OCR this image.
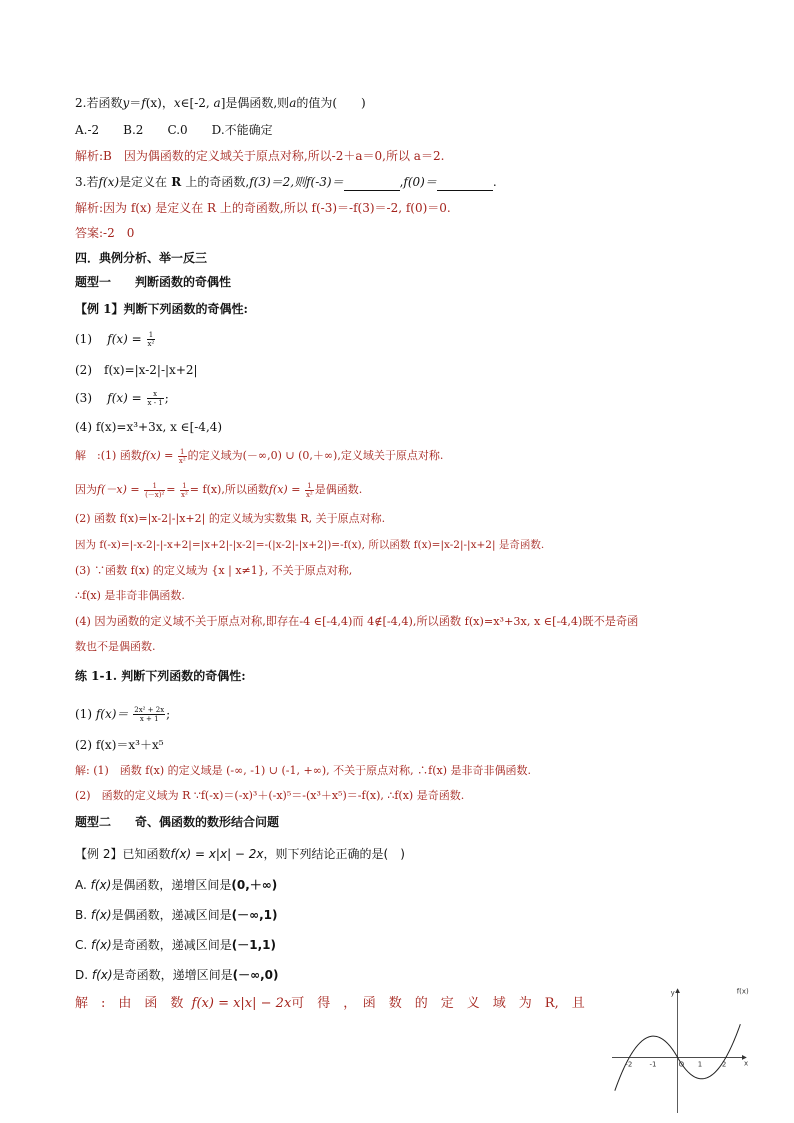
2.若函数y＝f(x)，x∈[-2, a]是偶函数,则a的值为(　　)
A.-2　　B.2　　C.0　　D.不能确定
解析:B　因为偶函数的定义域关于原点对称,所以-2＋a＝0,所以 a＝2.
3.若f(x)是定义在 R 上的奇函数,f(3)＝2,则f(-3)＝	,f(0)＝	.
解析:因为 f(x) 是定义在 R 上的奇函数,所以 f(-3)＝-f(3)＝-2, f(0)＝0.
答案:-2　0
四．典例分析、举一反三
题型一　　判断函数的奇偶性
【例 1】判断下列函数的奇偶性:
(1) $f(x) = \frac{1}{\text{x²}}$
(2)　f(x)=|x-2|-|x+2|
(3) $f(x) = \frac{x}{x - 1}$ ;
(4) f(x)=x³+3x, x ∈[-4,4)
解　:(1) 函数$f(x) = \frac{1}{\text{x²}}$ 的定义域为(－∞,0) ∪ (0,＋∞),定义域关于原点对称.
因为$f(-x) = \frac{1}{\text{(－x)²}} = \frac{1}{\text{x²}} = f(x)$,所以函数$f(x) = \frac{1}{\text{x²}}$ 是偶函数.
(2) 函数 f(x)=|x-2|-|x+2| 的定义域为实数集 R, 关于原点对称.
因为 f(-x)=|-x-2|-|-x+2|=|x+2|-|x-2|=-(|x-2|-|x+2|)=-f(x), 所以函数 f(x)=|x-2|-|x+2| 是奇函数.
(3) ∵函数 f(x) 的定义域为 {x | x≠1}, 不关于原点对称,
∴f(x) 是非奇非偶函数.
(4) 因为函数的定义域不关于原点对称,即存在-4 ∈[-4,4)而 4∉[-4,4),所以函数 f(x)=x³+3x, x ∈[-4,4)既不是奇函
数也不是偶函数.
练 1-1. 判断下列函数的奇偶性:
(1) $f(x)= \frac{\text{2x² + 2x}}{x + 1}$ ;
(2) f(x)＝x³＋x⁵
解: (1)　函数 f(x) 的定义域是 (-∞, -1) ∪ (-1, +∞), 不关于原点对称, ∴f(x) 是非奇非偶函数.
(2)　函数的定义域为 R ∵f(-x)＝(-x)³＋(-x)⁵＝-(x³＋x⁵)＝-f(x), ∴f(x) 是奇函数.
题型二　　奇、偶函数的数形结合问题
【例 2】已知函数f(x) = x|x| − 2x，则下列结论正确的是(　)
A. f(x)是偶函数，递增区间是(0,＋∞)
B. f(x)是偶函数，递减区间是(－∞,1)
C. f(x)是奇函数，递减区间是(－1,1)
D. f(x)是奇函数，递增区间是(－∞,0)
解　:　由　函　数 f(x) = x|x| − 2x可　得　，　函　数　的　定　义　域　为　R,　且
y
x
f(x)
-2 -1	O 1	2
